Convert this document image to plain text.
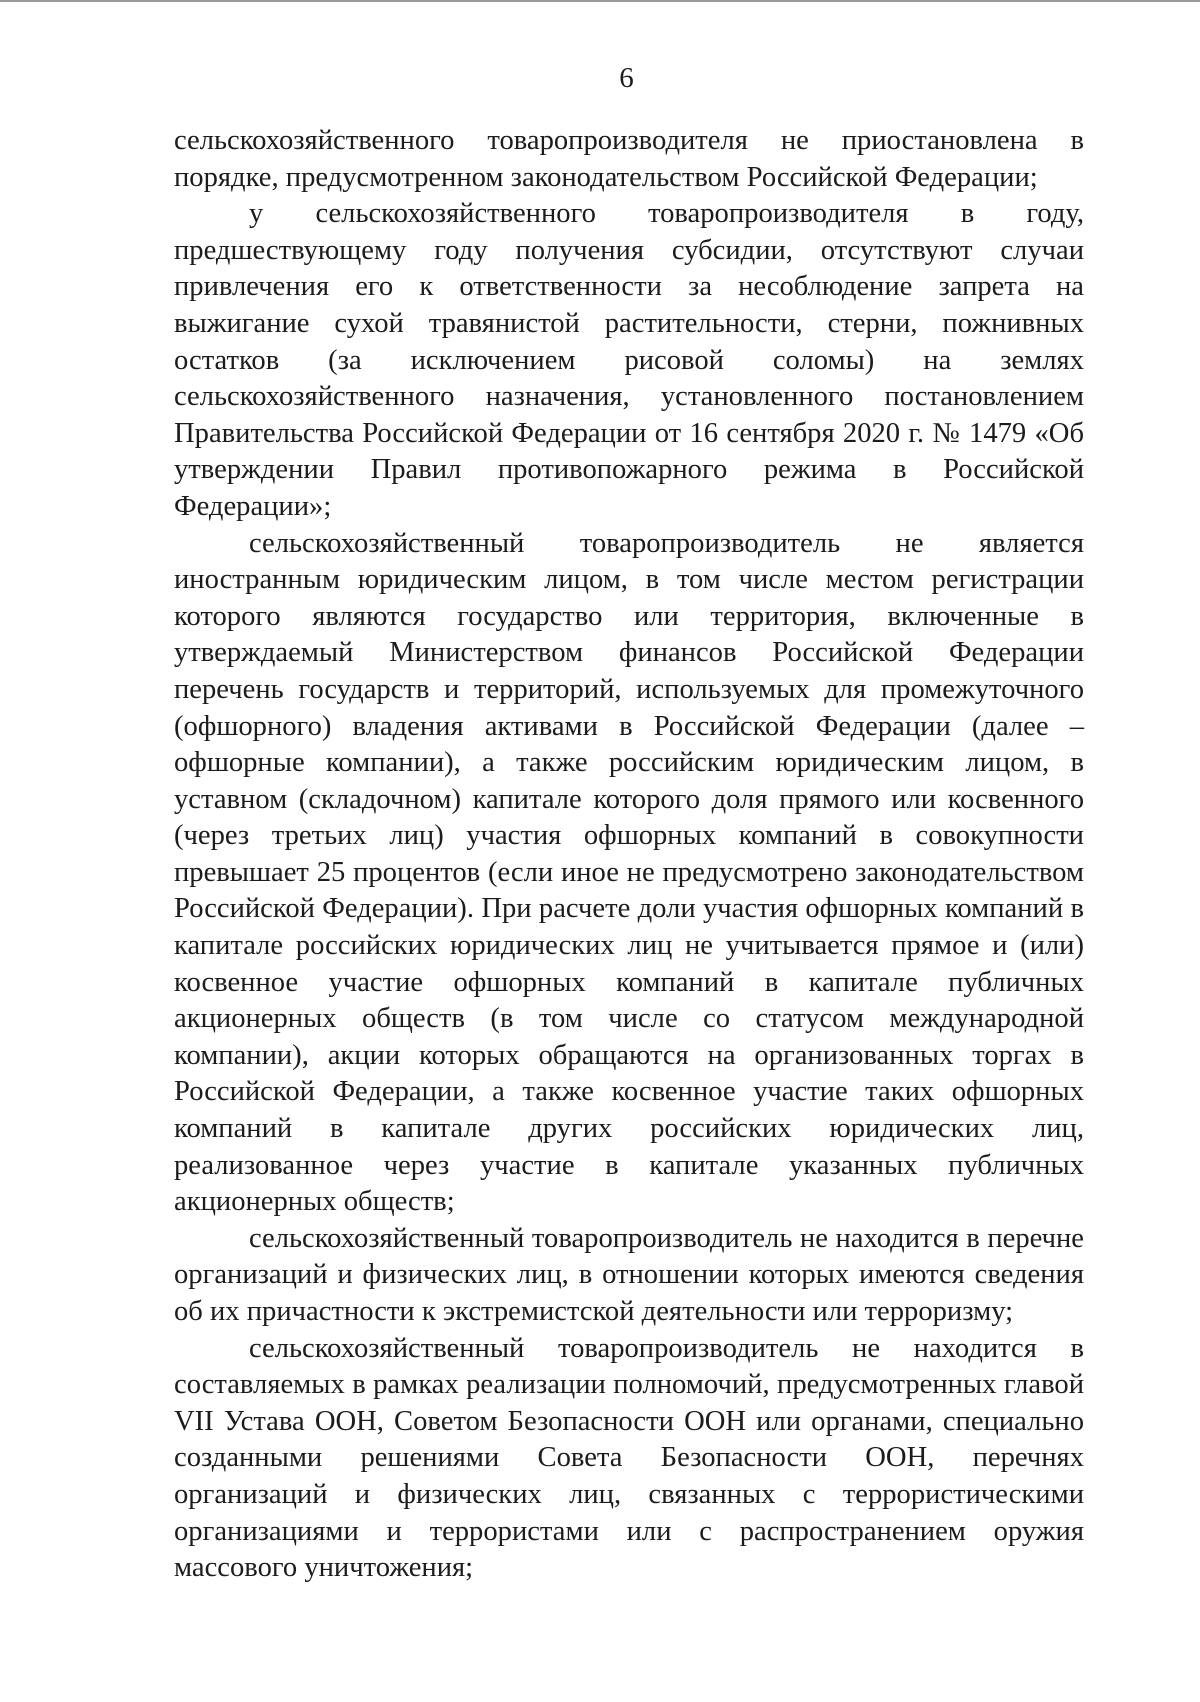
6

сельскохозяйственного товаропроизводителя не приостановлена в порядке, предусмотренном законодательством Российской Федерации;

у сельскохозяйственного товаропроизводителя в году, предшествующему году получения субсидии, отсутствуют случаи привлечения его к ответственности за несоблюдение запрета на выжигание сухой травянистой растительности, стерни, пожнивных остатков (за исключением рисовой соломы) на землях сельскохозяйственного назначения, установленного постановлением Правительства Российской Федерации от 16 сентября 2020 г. № 1479 «Об утверждении Правил противопожарного режима в Российской Федерации»;

сельскохозяйственный товаропроизводитель не является иностранным юридическим лицом, в том числе местом регистрации которого являются государство или территория, включенные в утверждаемый Министерством финансов Российской Федерации перечень государств и территорий, используемых для промежуточного (офшорного) владения активами в Российской Федерации (далее – офшорные компании), а также российским юридическим лицом, в уставном (складочном) капитале которого доля прямого или косвенного (через третьих лиц) участия офшорных компаний в совокупности превышает 25 процентов (если иное не предусмотрено законодательством Российской Федерации). При расчете доли участия офшорных компаний в капитале российских юридических лиц не учитывается прямое и (или) косвенное участие офшорных компаний в капитале публичных акционерных обществ (в том числе со статусом международной компании), акции которых обращаются на организованных торгах в Российской Федерации, а также косвенное участие таких офшорных компаний в капитале других российских юридических лиц, реализованное через участие в капитале указанных публичных акционерных обществ;

сельскохозяйственный товаропроизводитель не находится в перечне организаций и физических лиц, в отношении которых имеются сведения об их причастности к экстремистской деятельности или терроризму;

сельскохозяйственный товаропроизводитель не находится в составляемых в рамках реализации полномочий, предусмотренных главой VII Устава ООН, Советом Безопасности ООН или органами, специально созданными решениями Совета Безопасности ООН, перечнях организаций и физических лиц, связанных с террористическими организациями и террористами или с распространением оружия массового уничтожения;
